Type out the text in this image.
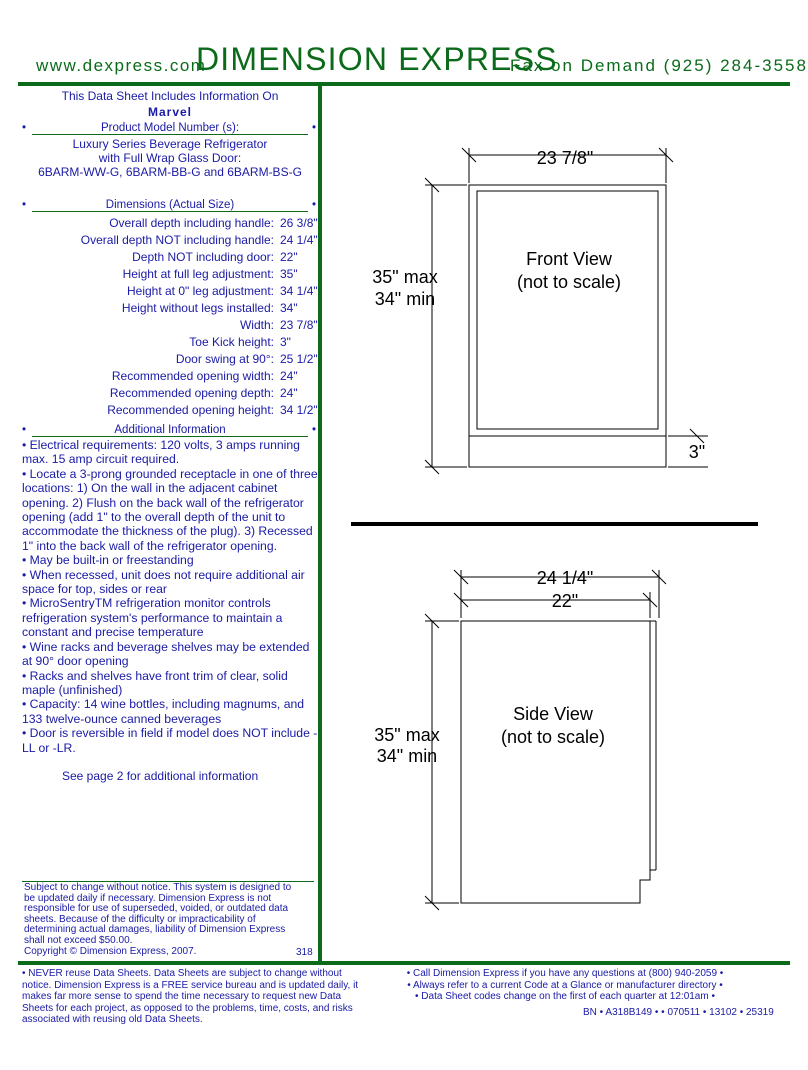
www.dexpress.com
DIMENSION EXPRESS
Fax on Demand (925) 284-3558
This Data Sheet Includes Information On
Marvel
•	Product Model Number (s):	•
Luxury Series Beverage Refrigerator
with Full Wrap Glass Door:
6BARM-WW-G, 6BARM-BB-G and 6BARM-BS-G
•	Dimensions (Actual Size)	•
Overall depth including handle: 26 3/8"
Overall depth NOT including handle: 24 1/4"
Depth NOT including door: 22"
Height at full leg adjustment: 35"
Height at 0" leg adjustment: 34 1/4"
Height without legs installed: 34"
Width: 23 7/8"
Toe Kick height: 3"
Door swing at 90°: 25 1/2"
Recommended opening width: 24"
Recommended opening depth: 24"
Recommended opening height: 34 1/2"
•	Additional Information	•

• Electrical requirements: 120 volts, 3 amps running max. 15 amp circuit required.

• Locate a 3-prong grounded receptacle in one of three locations: 1) On the wall in the adjacent cabinet opening. 2) Flush on the back wall of the refrigerator opening (add 1" to the overall depth of the unit to accommodate the thickness of the plug). 3) Recessed 1" into the back wall of the refrigerator opening.

• May be built-in or freestanding

• When recessed, unit does not require additional air space for top, sides or rear

• MicroSentryTM refrigeration monitor controls refrigeration system's performance to maintain a constant and precise temperature

• Wine racks and beverage shelves may be extended at 90° door opening

• Racks and shelves have front trim of clear, solid maple (unfinished)

• Capacity: 14 wine bottles, including magnums, and 133 twelve-ounce canned beverages

• Door is reversible in field if model does NOT include -LL or -LR.

See page 2 for additional information
Subject to change without notice. This system is designed to be updated daily if necessary. Dimension Express is not responsible for use of superseded, voided, or outdated data sheets. Because of the difficulty or impracticability of determining actual damages, liability of Dimension Express shall not exceed $50.00.
Copyright © Dimension Express, 2007.	318
• NEVER reuse Data Sheets. Data Sheets are subject to change without notice. Dimension Express is a FREE service bureau and is updated daily, it makes far more sense to spend the time necessary to request new Data Sheets for each project, as opposed to the problems, time, costs, and risks associated with reusing old Data Sheets.
• Call Dimension Express if you have any questions at (800) 940-2059 •
• Always refer to a current Code at a Glance or manufacturer directory •
• Data Sheet codes change on the first of each quarter at 12:01am •
BN • A318B149 • • 070511 • 13102 • 25319
23 7/8"
Front View
(not to scale)
35" max
34" min
3"
24 1/4"
22"
Side View
(not to scale)
35" max
34" min
